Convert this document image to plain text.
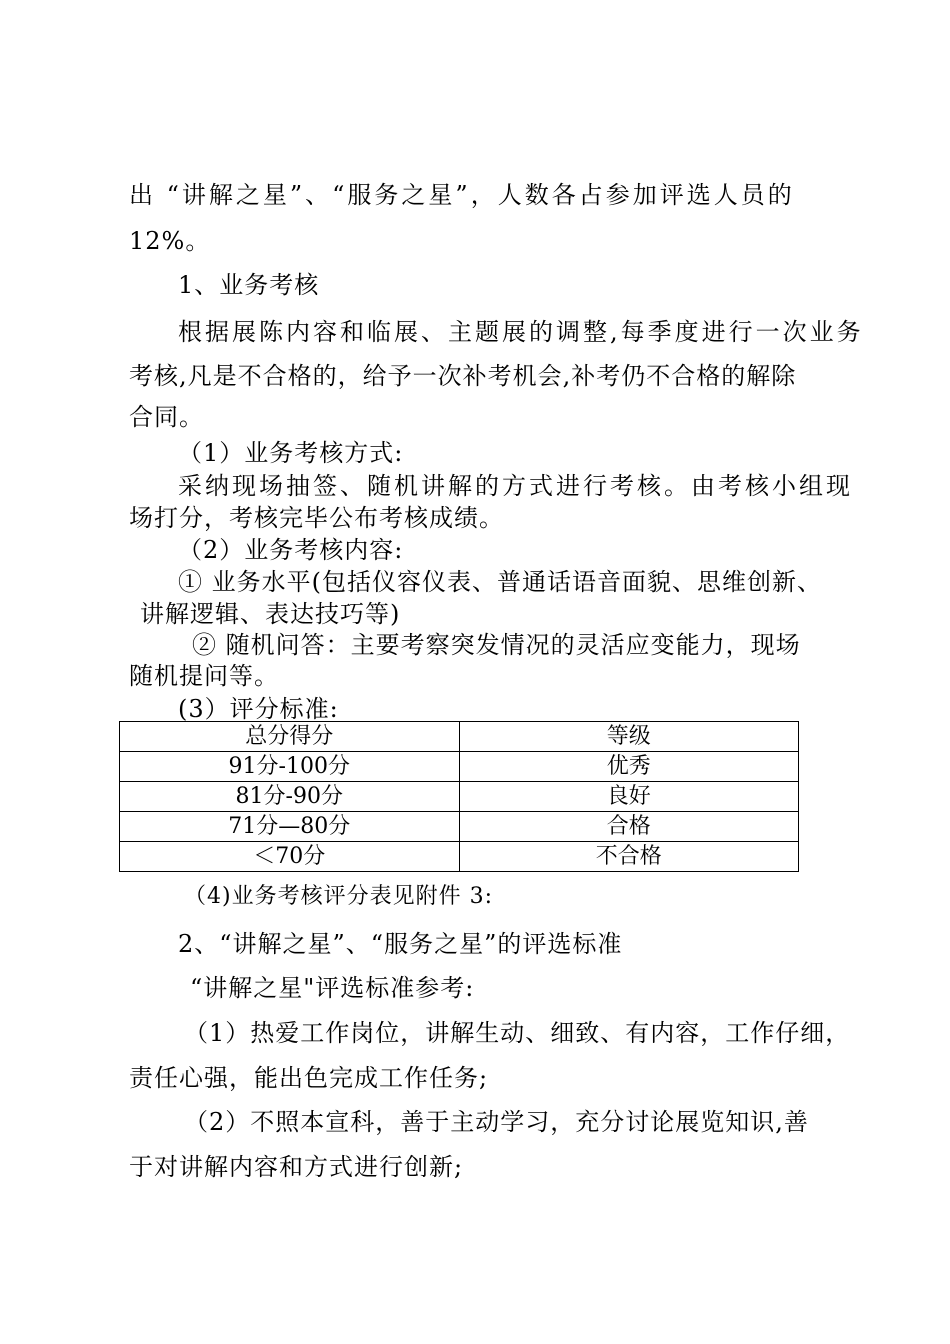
出 “讲解之星”、“服务之星”，人数各占参加评选人员的
12%。
1、业务考核
根据展陈内容和临展、主题展的调整,每季度进行一次业务
考核,凡是不合格的，给予一次补考机会,补考仍不合格的解除
合同。
（1）业务考核方式:
采纳现场抽签、随机讲解的方式进行考核。由考核小组现
场打分，考核完毕公布考核成绩。
（2）业务考核内容:
① 业务水平(包括仪容仪表、普通话语音面貌、思维创新、
讲解逻辑、表达技巧等)
② 随机问答：主要考察突发情况的灵活应变能力，现场
随机提问等。
(3）评分标准:
总分得分	等级
91分-100分	优秀
81分-90分	良好
71分—80分	合格
＜70分	不合格
（4)业务考核评分表见附件 3:
2、“讲解之星”、“服务之星”的评选标准
“讲解之星"评选标准参考:
（1）热爱工作岗位，讲解生动、细致、有内容，工作仔细，
责任心强，能出色完成工作任务;
（2）不照本宣科，善于主动学习，充分讨论展览知识,善
于对讲解内容和方式进行创新;
